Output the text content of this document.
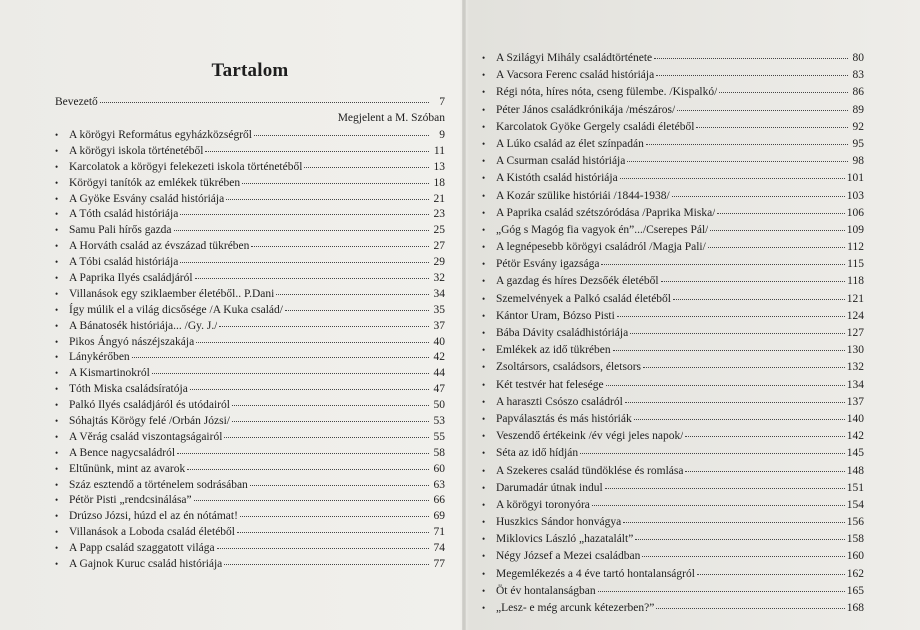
Tartalom
Bevezető	7
Megjelent a M. Szóban
• A körögyi Református egyházközségről	9
• A körögyi iskola történetéből	11
• Karcolatok a körögyi felekezeti iskola történetéből	13
• Körögyi tanítók az emlékek tükrében	18
• A Gyöke Esvány család históriája	21
• A Tóth család históriája	23
• Samu Pali hírős gazda	25
• A Horváth család az évszázad tükrében	27
• A Tóbi család históriája	29
• A Paprika Ilyés családjáról	32
• Villanások egy sziklaember életéből.. P.Dani	34
• Így múlik el a világ dicsősége /A Kuka család/	35
• A Bánatosék históriája... /Gy. J./	37
• Pikos Ángyó nászéjszakája	40
• Lánykérőben	42
• A Kismartinokról	44
• Tóth Miska családsíratója	47
• Palkó Ilyés családjáról és utódairól	50
• Sóhajtás Körögy felé /Orbán Józsi/	53
• A Věrág család viszontagságairól	55
• A Bence nagycsaládról	58
• Eltűnünk, mint az avarok	60
• Száz esztendő a történelem sodrásában	63
• Pétör Pisti „rendcsinálása”	66
• Drúzso Józsi, húzd el az én nótámat!	69
• Villanások a Loboda család életéből	71
• A Papp család szaggatott világa	74
• A Gajnok Kuruc család históriája	77
• A Szilágyi Mihály családtörténete	80
• A Vacsora Ferenc család históriája	83
• Régi nóta, híres nóta, cseng fülembe. /Kispalkó/	86
• Péter János családkrónikája /mészáros/	89
• Karcolatok Gyöke Gergely családi életéből	92
• A Lúko család az élet színpadán	95
• A Csurman család históriája	98
• A Kistóth család históriája	101
• A Kozár szülike históriái /1844-1938/	103
• A Paprika család szétszóródása /Paprika Miska/	106
• „Góg s Magóg fia vagyok én”.../Cserepes Pál/	109
• A legnépesebb körögyi családról /Magja Pali/	112
• Pétör Esvány igazsága	115
• A gazdag és híres Dezsőék életéből	118
• Szemelvények a Palkó család életéből	121
• Kántor Uram, Bózso Pisti	124
• Bába Dávity családhistóriája	127
• Emlékek az idő tükrében	130
• Zsoltársors, családsors, életsors	132
• Két testvér hat felesége	134
• A haraszti Csószo családról	137
• Papválasztás és más históriák	140
• Veszendő értékeink /év végi jeles napok/	142
• Séta az idő hídján	145
• A Szekeres család tündöklése és romlása	148
• Darumadár útnak indul	151
• A körögyi toronyóra	154
• Huszkics Sándor honvágya	156
• Miklovics László „hazatalált”	158
• Négy József a Mezei családban	160
• Megemlékezés a 4 éve tartó hontalanságról	162
• Öt év hontalanságban	165
• „Lesz- e még arcunk kétezerben?”	168
